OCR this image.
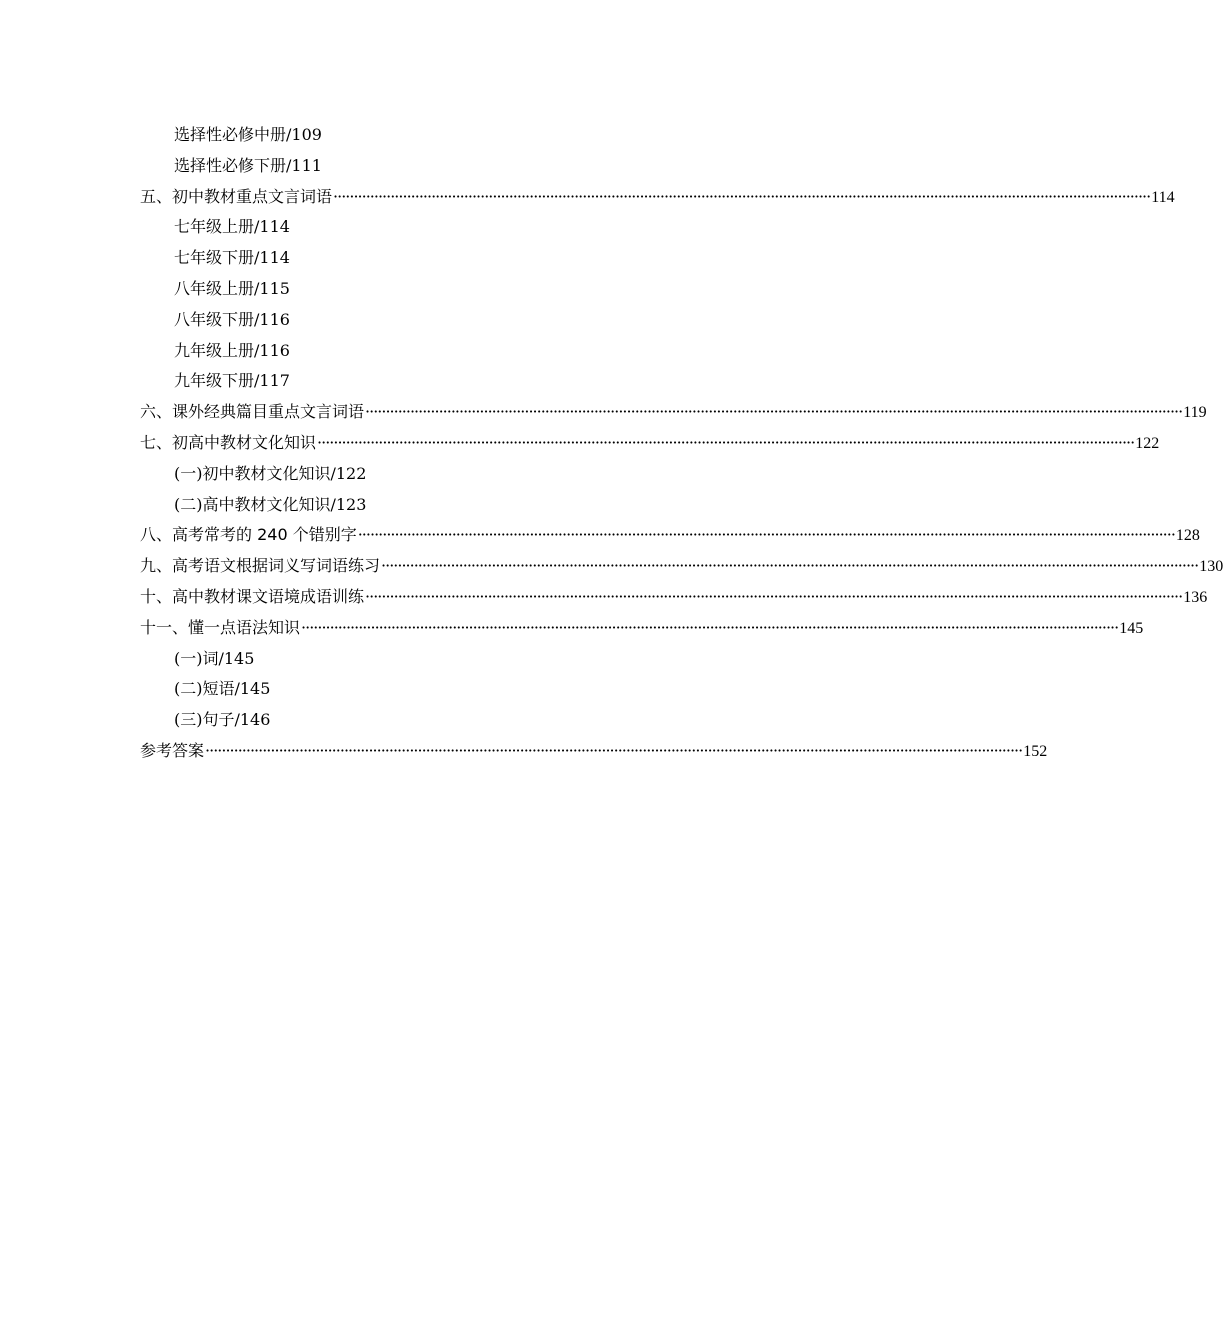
选择性必修中册/109
选择性必修下册/111
五、初中教材重点文言词语 ········································································································································································································ 114
七年级上册/114
七年级下册/114
八年级上册/115
八年级下册/116
九年级上册/116
九年级下册/117
六、课外经典篇目重点文言词语 ········································································································································································································ 119
七、初高中教材文化知识 ········································································································································································································ 122
(一)初中教材文化知识/122
(二)高中教材文化知识/123
八、高考常考的 240 个错别字 ········································································································································································································ 128
九、高考语文根据词义写词语练习 ········································································································································································································ 130
十、高中教材课文语境成语训练 ········································································································································································································ 136
十一、懂一点语法知识 ········································································································································································································ 145
(一)词/145
(二)短语/145
(三)句子/146
参考答案 ········································································································································································································ 152
